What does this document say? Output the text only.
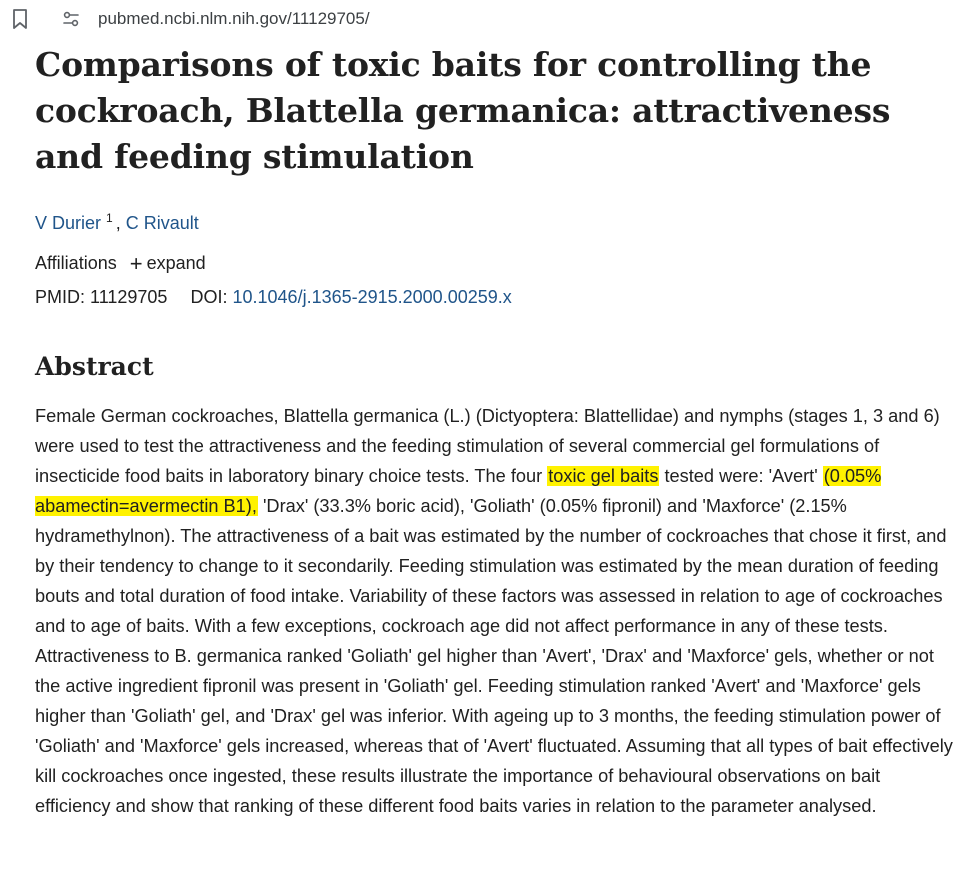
pubmed.ncbi.nlm.nih.gov/11129705/
Comparisons of toxic baits for controlling the cockroach, Blattella germanica: attractiveness and feeding stimulation
V Durier $^1$ , C Rivault
Affiliations + expand
PMID: 11129705 DOI: 10.1046/j.1365-2915.2000.00259.x
Abstract

Female German cockroaches, Blattella germanica (L.) (Dictyoptera: Blattellidae) and nymphs (stages 1, 3 and 6) were used to test the attractiveness and the feeding stimulation of several commercial gel formulations of insecticide food baits in laboratory binary choice tests. The four toxic gel baits tested were: 'Avert' (0.05% abamectin=avermectin B1), 'Drax' (33.3% boric acid), 'Goliath' (0.05% fipronil) and 'Maxforce' (2.15% hydramethylnon). The attractiveness of a bait was estimated by the number of cockroaches that chose it first, and by their tendency to change to it secondarily. Feeding stimulation was estimated by the mean duration of feeding bouts and total duration of food intake. Variability of these factors was assessed in relation to age of cockroaches and to age of baits. With a few exceptions, cockroach age did not affect performance in any of these tests. Attractiveness to B. germanica ranked 'Goliath' gel higher than 'Avert', 'Drax' and 'Maxforce' gels, whether or not the active ingredient fipronil was present in 'Goliath' gel. Feeding stimulation ranked 'Avert' and 'Maxforce' gels higher than 'Goliath' gel, and 'Drax' gel was inferior. With ageing up to 3 months, the feeding stimulation power of 'Goliath' and 'Maxforce' gels increased, whereas that of 'Avert' fluctuated. Assuming that all types of bait effectively kill cockroaches once ingested, these results illustrate the importance of behavioural observations on bait efficiency and show that ranking of these different food baits varies in relation to the parameter analysed.
